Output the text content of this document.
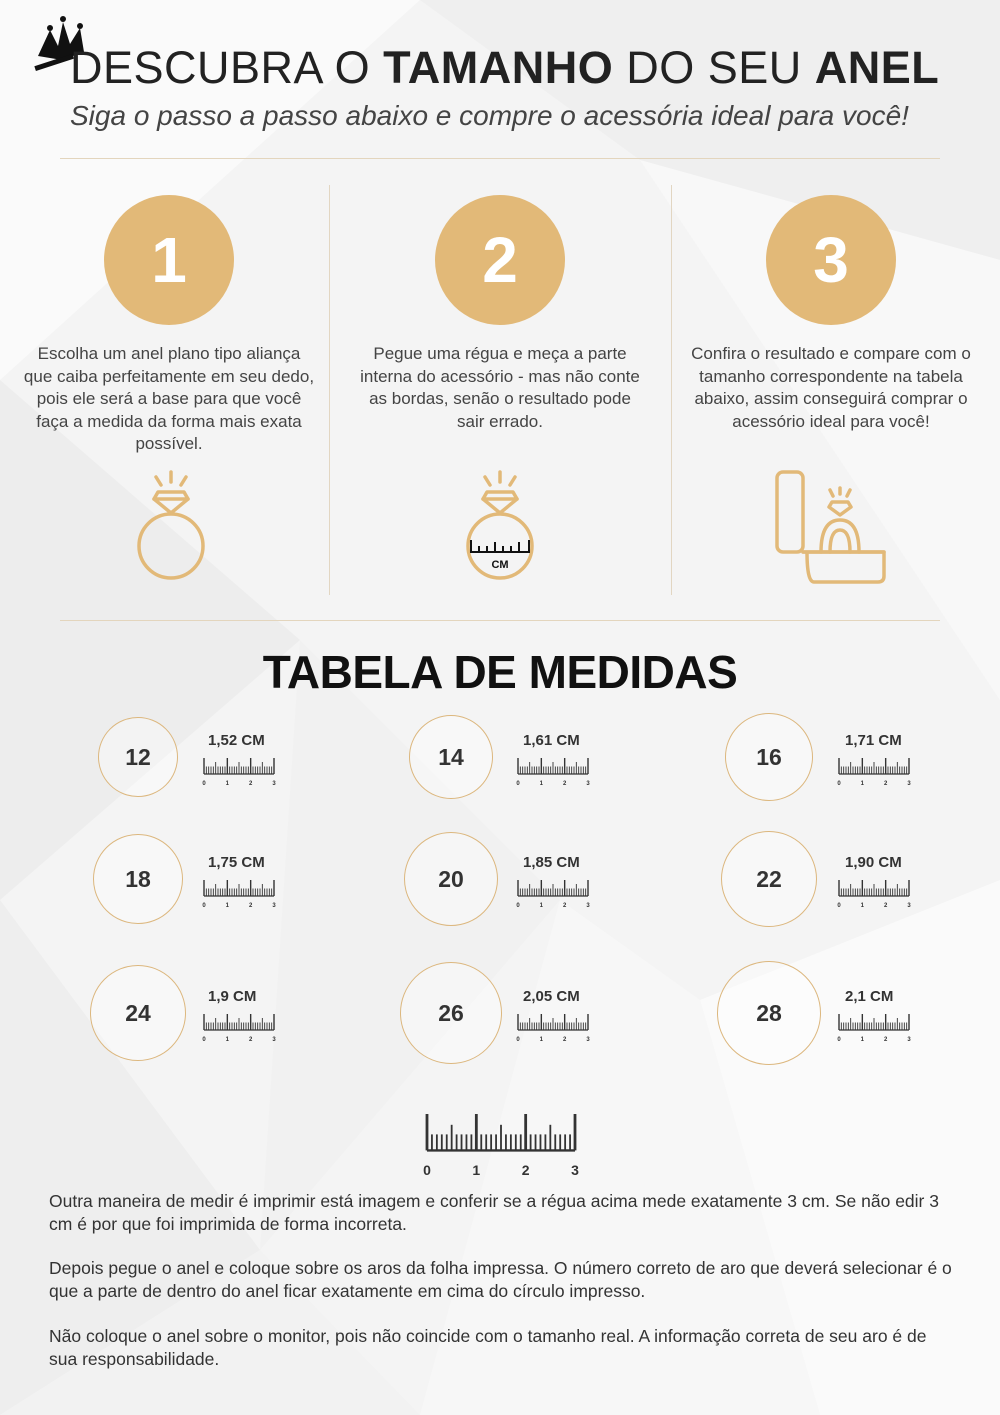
DESCUBRA O TAMANHO DO SEU ANEL
Siga o passo a passo abaixo e compre o acessória ideal para você!
1
Escolha um anel plano tipo aliança que caiba perfeitamente em seu dedo, pois ele será a base para que você faça a medida da forma mais exata possível.
2
Pegue uma régua e meça a parte interna do acessório - mas não conte as bordas, senão o resultado pode sair errado.
3
Confira o resultado e compare com o tamanho correspondente na tabela abaixo, assim conseguirá comprar o acessório ideal para você!
CM
TABELA DE MEDIDAS
12
1,52 CM
0	1	2	3
14
1,61 CM
0	1	2	3
16
1,71 CM
0	1	2	3
18
1,75 CM
0	1	2	3
20
1,85 CM
0	1	2	3
22
1,90 CM
0	1	2	3
24
1,9 CM
0	1	2	3
26
2,05 CM
0	1	2	3
28
2,1 CM
0	1	2	3
0	1	2	3
Outra maneira de medir é imprimir está imagem e conferir se a régua acima mede exatamente 3 cm. Se não edir 3 cm é por que foi imprimida de forma incorreta.
Depois pegue o anel e coloque sobre os aros da folha impressa. O número correto de aro que deverá selecionar é o que a parte de dentro do anel ficar exatamente em cima do círculo impresso.
Não coloque o anel sobre o monitor, pois não coincide com o tamanho real. A informação correta de seu aro é de sua responsabilidade.
